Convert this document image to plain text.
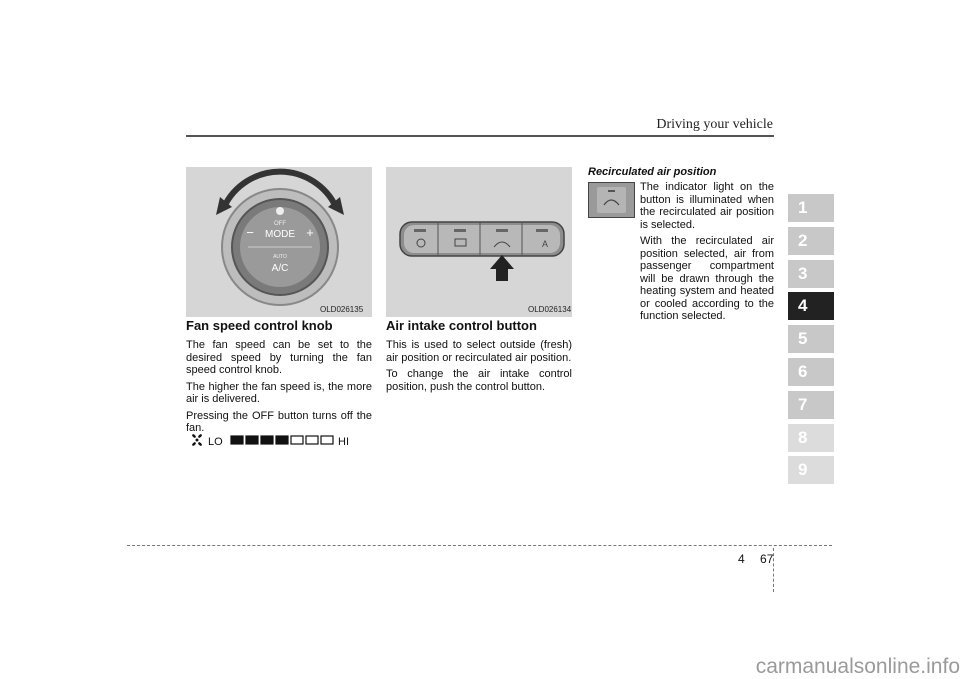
Driving your vehicle
1
2
3
4
5
6
7
8
9
OFF
MODE
−	+
AUTO
A/C
OLD026135
Fan speed control knob

The fan speed can be set to the desired speed by turning the fan speed control knob.

The higher the fan speed is, the more air is delivered.

Pressing the OFF button turns off the fan.

LO	HI
A
OLD026134
Air intake control button

This is used to select outside (fresh) air position or recirculated air position.

To change the air intake control position, push the control button.

Recirculated air position

The indicator light on the button is illuminated when the recirculated air position is selected.

With the recirculated air position selected, air from passenger compartment will be drawn through the heating system and heated or cooled according to the function selected.

4 67
carmanualsonline.info
